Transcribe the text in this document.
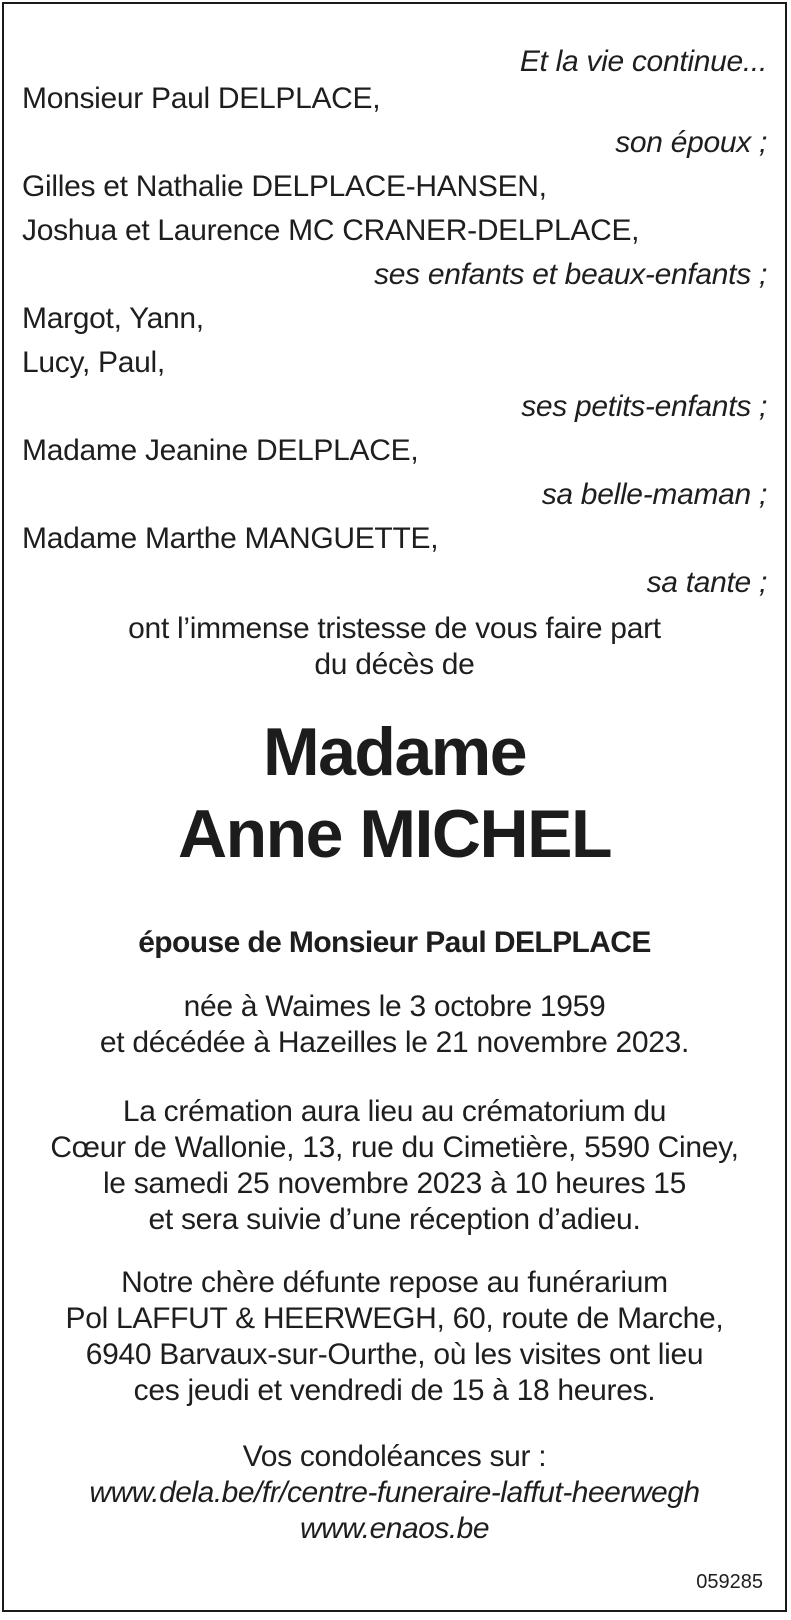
Et la vie continue...
Monsieur Paul DELPLACE,
son époux ;
Gilles et Nathalie DELPLACE-HANSEN,
Joshua et Laurence MC CRANER-DELPLACE,
ses enfants et beaux-enfants ;
Margot, Yann,
Lucy, Paul,
ses petits-enfants ;
Madame Jeanine DELPLACE,
sa belle-maman ;
Madame Marthe MANGUETTE,
sa tante ;
ont l’immense tristesse de vous faire part
du décès de
Madame
Anne MICHEL
épouse de Monsieur Paul DELPLACE
née à Waimes le 3 octobre 1959
et décédée à Hazeilles le 21 novembre 2023.
La crémation aura lieu au crématorium du
Cœur de Wallonie, 13, rue du Cimetière, 5590 Ciney,
le samedi 25 novembre 2023 à 10 heures 15
et sera suivie d’une réception d’adieu.
Notre chère défunte repose au funérarium
Pol LAFFUT & HEERWEGH, 60, route de Marche,
6940 Barvaux-sur-Ourthe, où les visites ont lieu
ces jeudi et vendredi de 15 à 18 heures.
Vos condoléances sur :
www.dela.be/fr/centre-funeraire-laffut-heerwegh
www.enaos.be
059285
